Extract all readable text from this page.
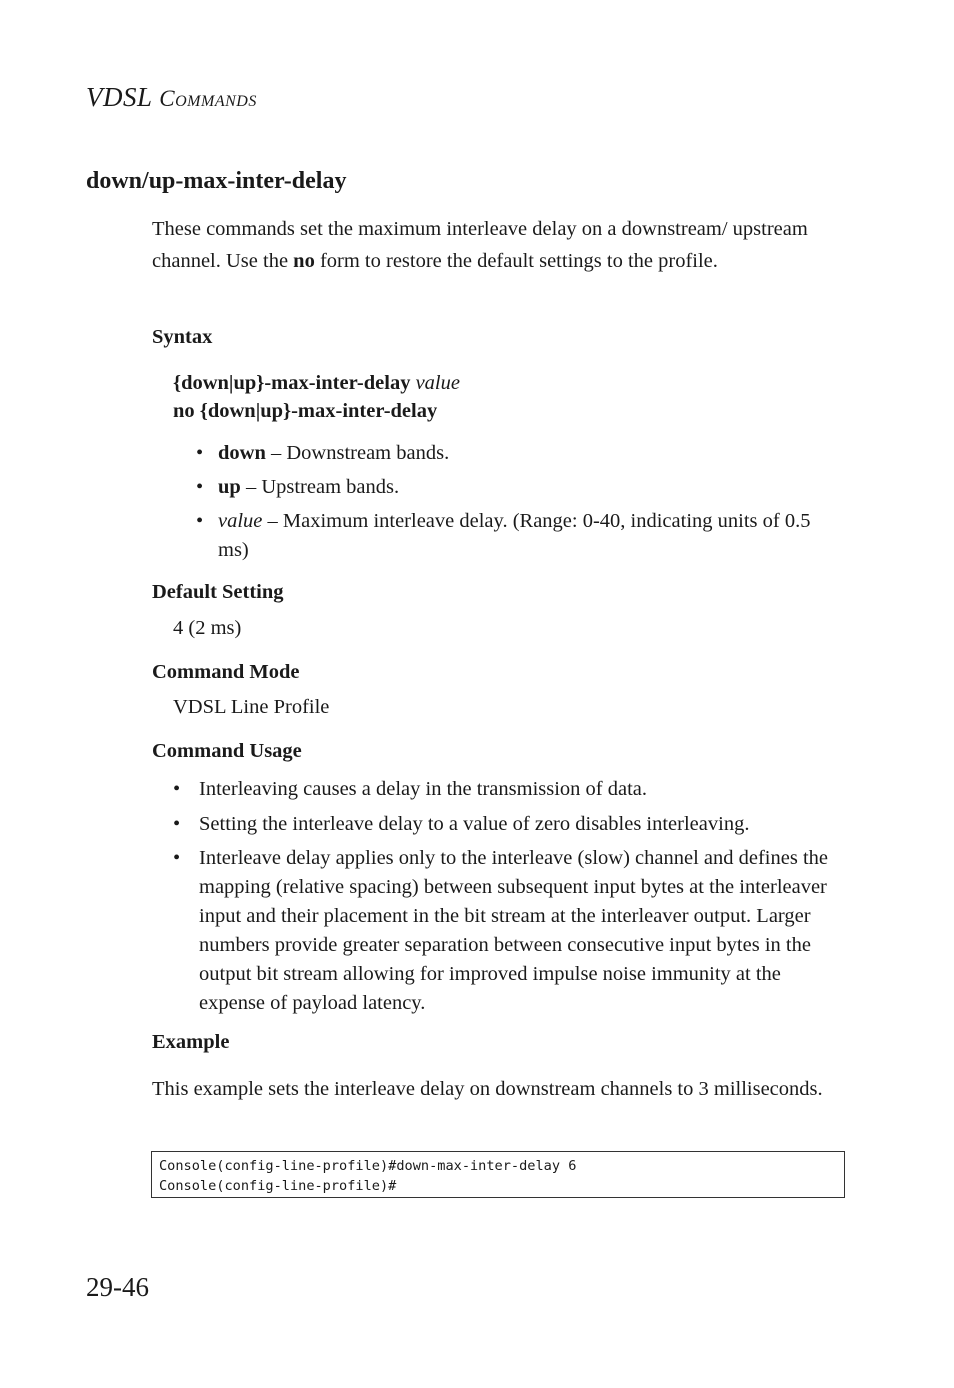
VDSL Commands
down/up-max-inter-delay
These commands set the maximum interleave delay on a downstream/ upstream channel. Use the no form to restore the default settings to the profile.
Syntax
{down|up}-max-inter-delay value
no {down|up}-max-inter-delay
• down – Downstream bands.
• up – Upstream bands.
• value – Maximum interleave delay. (Range: 0-40, indicating units of 0.5 ms)
Default Setting
4 (2 ms)
Command Mode
VDSL Line Profile
Command Usage
• Interleaving causes a delay in the transmission of data.
• Setting the interleave delay to a value of zero disables interleaving.
• Interleave delay applies only to the interleave (slow) channel and defines the mapping (relative spacing) between subsequent input bytes at the interleaver input and their placement in the bit stream at the interleaver output. Larger numbers provide greater separation between consecutive input bytes in the output bit stream allowing for improved impulse noise immunity at the expense of payload latency.
Example
This example sets the interleave delay on downstream channels to 3 milliseconds.
Console(config-line-profile)#down-max-inter-delay 6
Console(config-line-profile)#
29-46
